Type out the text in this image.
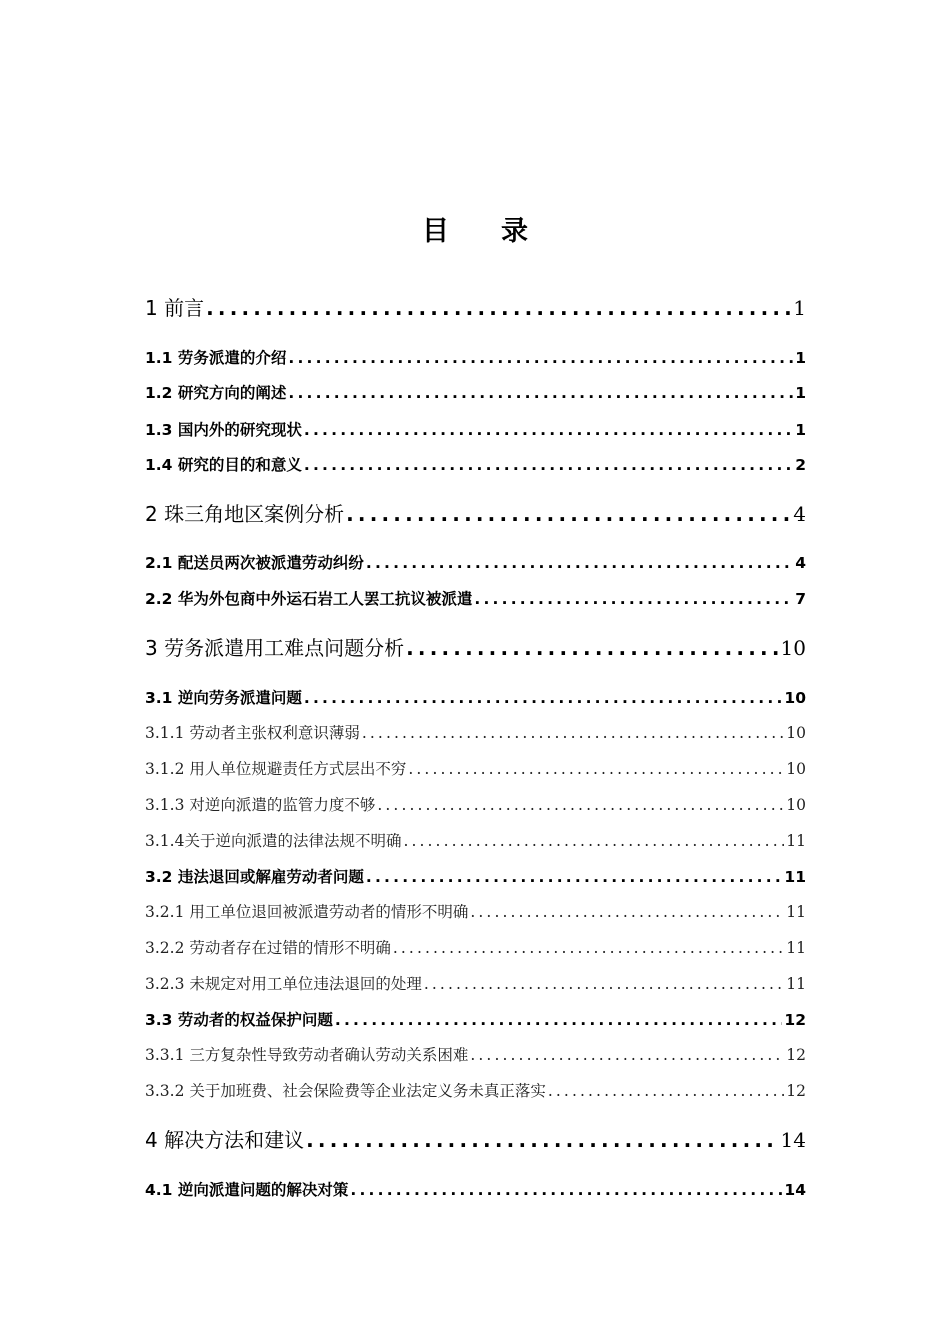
目 录
1 前言 .....	1
1.1 劳务派遣的介绍 .....	1
1.2 研究方向的阐述 .....	1
1.3 国内外的研究现状 .....	1
1.4 研究的目的和意义 .....	2
2 珠三角地区案例分析 .....	4
2.1 配送员两次被派遣劳动纠纷 .....	4
2.2 华为外包商中外运石岩工人罢工抗议被派遣 .....	7
3 劳务派遣用工难点问题分析 .....	10
3.1 逆向劳务派遣问题 .....	10
3.1.1 劳动者主张权利意识薄弱 .....	10
3.1.2 用人单位规避责任方式层出不穷 .....	10
3.1.3 对逆向派遣的监管力度不够 .....	10
3.1.4关于逆向派遣的法律法规不明确 .....	11
3.2 违法退回或解雇劳动者问题 .....	11
3.2.1 用工单位退回被派遣劳动者的情形不明确 .....	11
3.2.2 劳动者存在过错的情形不明确 .....	11
3.2.3 未规定对用工单位违法退回的处理 .....	11
3.3 劳动者的权益保护问题 .....	12
3.3.1 三方复杂性导致劳动者确认劳动关系困难 .....	12
3.3.2 关于加班费、社会保险费等企业法定义务未真正落实 .....	12
4 解决方法和建议 .....	14
4.1 逆向派遣问题的解决对策 .....	14
